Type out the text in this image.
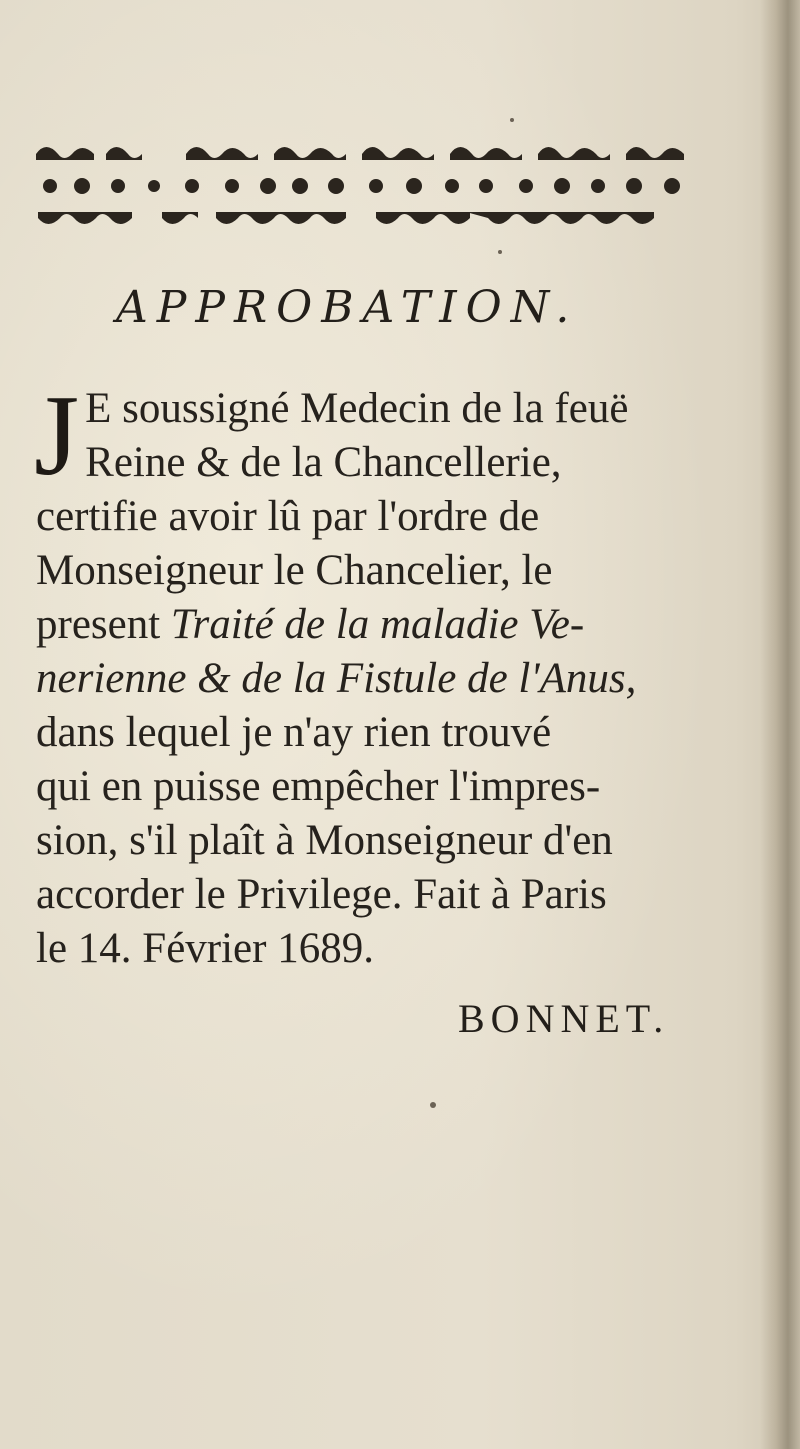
APPROBATION.
J E soussigné Medecin de la feuë
Reine & de la Chancellerie,
certifie avoir lû par l'ordre de
Monseigneur le Chancelier, le
present Traité de la maladie Ve-
nerienne & de la Fistule de l'Anus,
dans lequel je n'ay rien trouvé
qui en puisse empêcher l'impres-
sion, s'il plaît à Monseigneur d'en
accorder le Privilege. Fait à Paris
le 14. Février 1689.
BONNET.
